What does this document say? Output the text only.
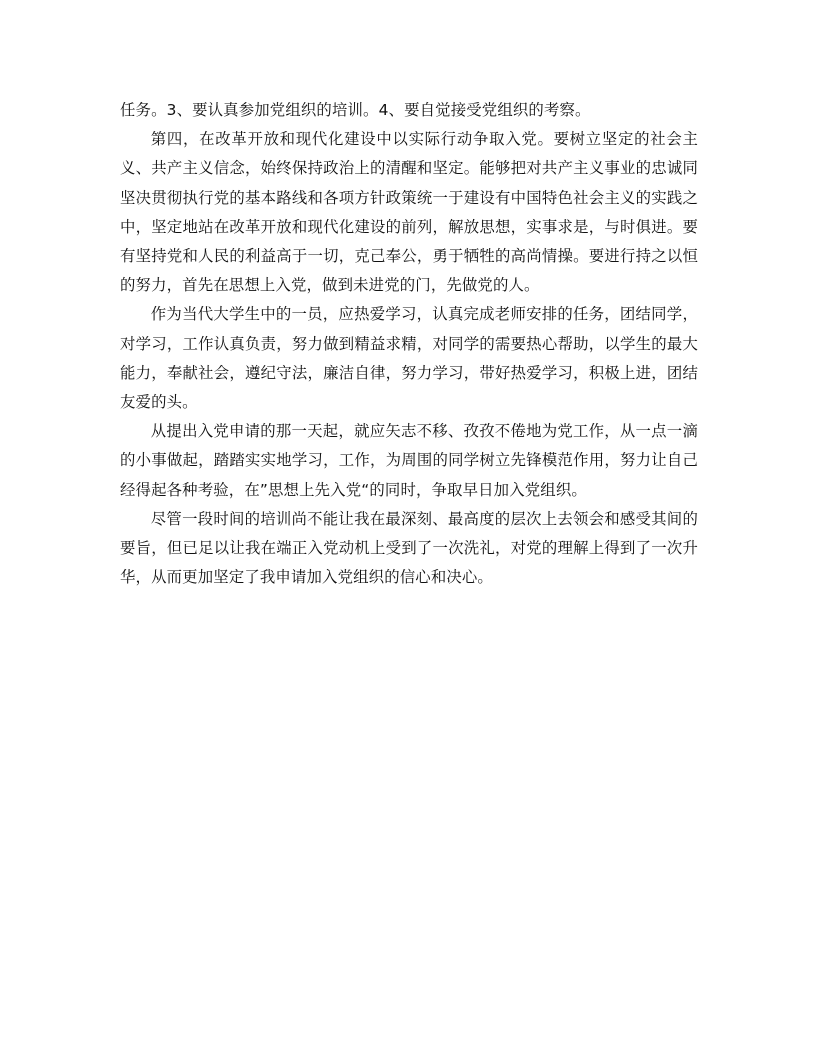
任务。3、要认真参加党组织的培训。4、要自觉接受党组织的考察。

第四，在改革开放和现代化建设中以实际行动争取入党。要树立坚定的社会主义、共产主义信念，始终保持政治上的清醒和坚定。能够把对共产主义事业的忠诚同坚决贯彻执行党的基本路线和各项方针政策统一于建设有中国特色社会主义的实践之中，坚定地站在改革开放和现代化建设的前列，解放思想，实事求是，与时俱进。要有坚持党和人民的利益高于一切，克己奉公，勇于牺牲的高尚情操。要进行持之以恒的努力，首先在思想上入党，做到未进党的门，先做党的人。

作为当代大学生中的一员，应热爱学习，认真完成老师安排的任务，团结同学，对学习，工作认真负责，努力做到精益求精，对同学的需要热心帮助，以学生的最大能力，奉献社会，遵纪守法，廉洁自律，努力学习，带好热爱学习，积极上进，团结友爱的头。

从提出入党申请的那一天起，就应矢志不移、孜孜不倦地为党工作，从一点一滴的小事做起，踏踏实实地学习，工作，为周围的同学树立先锋模范作用，努力让自己经得起各种考验，在”思想上先入党“的同时，争取早日加入党组织。

尽管一段时间的培训尚不能让我在最深刻、最高度的层次上去领会和感受其间的要旨，但已足以让我在端正入党动机上受到了一次洗礼，对党的理解上得到了一次升华，从而更加坚定了我申请加入党组织的信心和决心。
